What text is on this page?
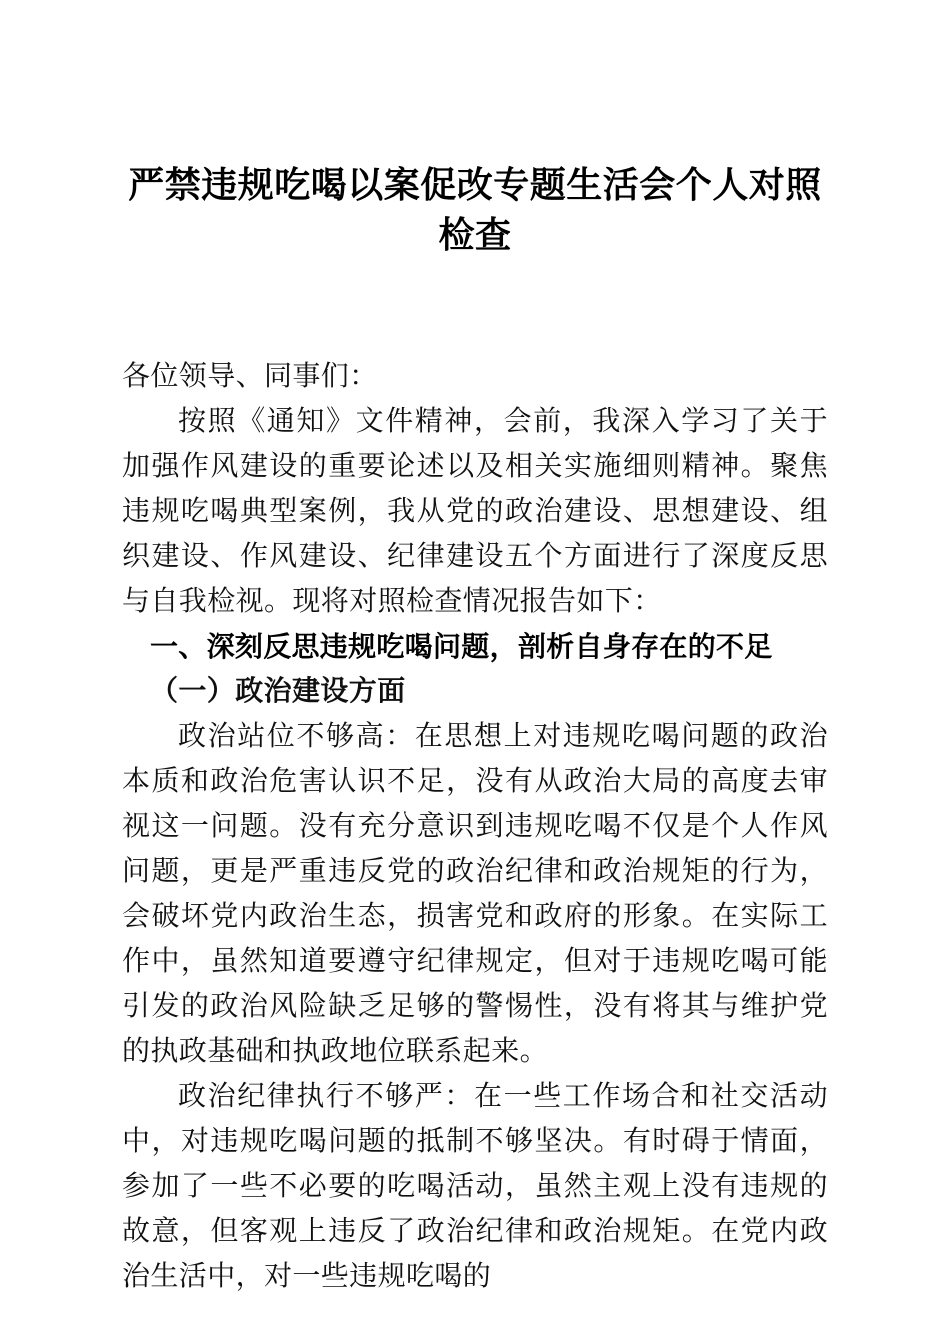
严禁违规吃喝以案促改专题生活会个人对照检查

各位领导、同事们：

按照《通知》文件精神，会前，我深入学习了关于加强作风建设的重要论述以及相关实施细则精神。聚焦违规吃喝典型案例，我从党的政治建设、思想建设、组织建设、作风建设、纪律建设五个方面进行了深度反思与自我检视。现将对照检查情况报告如下：

一、深刻反思违规吃喝问题，剖析自身存在的不足
（一）政治建设方面

政治站位不够高：在思想上对违规吃喝问题的政治本质和政治危害认识不足，没有从政治大局的高度去审视这一问题。没有充分意识到违规吃喝不仅是个人作风问题，更是严重违反党的政治纪律和政治规矩的行为，会破坏党内政治生态，损害党和政府的形象。在实际工作中，虽然知道要遵守纪律规定，但对于违规吃喝可能引发的政治风险缺乏足够的警惕性，没有将其与维护党的执政基础和执政地位联系起来。

政治纪律执行不够严：在一些工作场合和社交活动中，对违规吃喝问题的抵制不够坚决。有时碍于情面，参加了一些不必要的吃喝活动，虽然主观上没有违规的故意，但客观上违反了政治纪律和政治规矩。在党内政治生活中，对一些违规吃喝的
